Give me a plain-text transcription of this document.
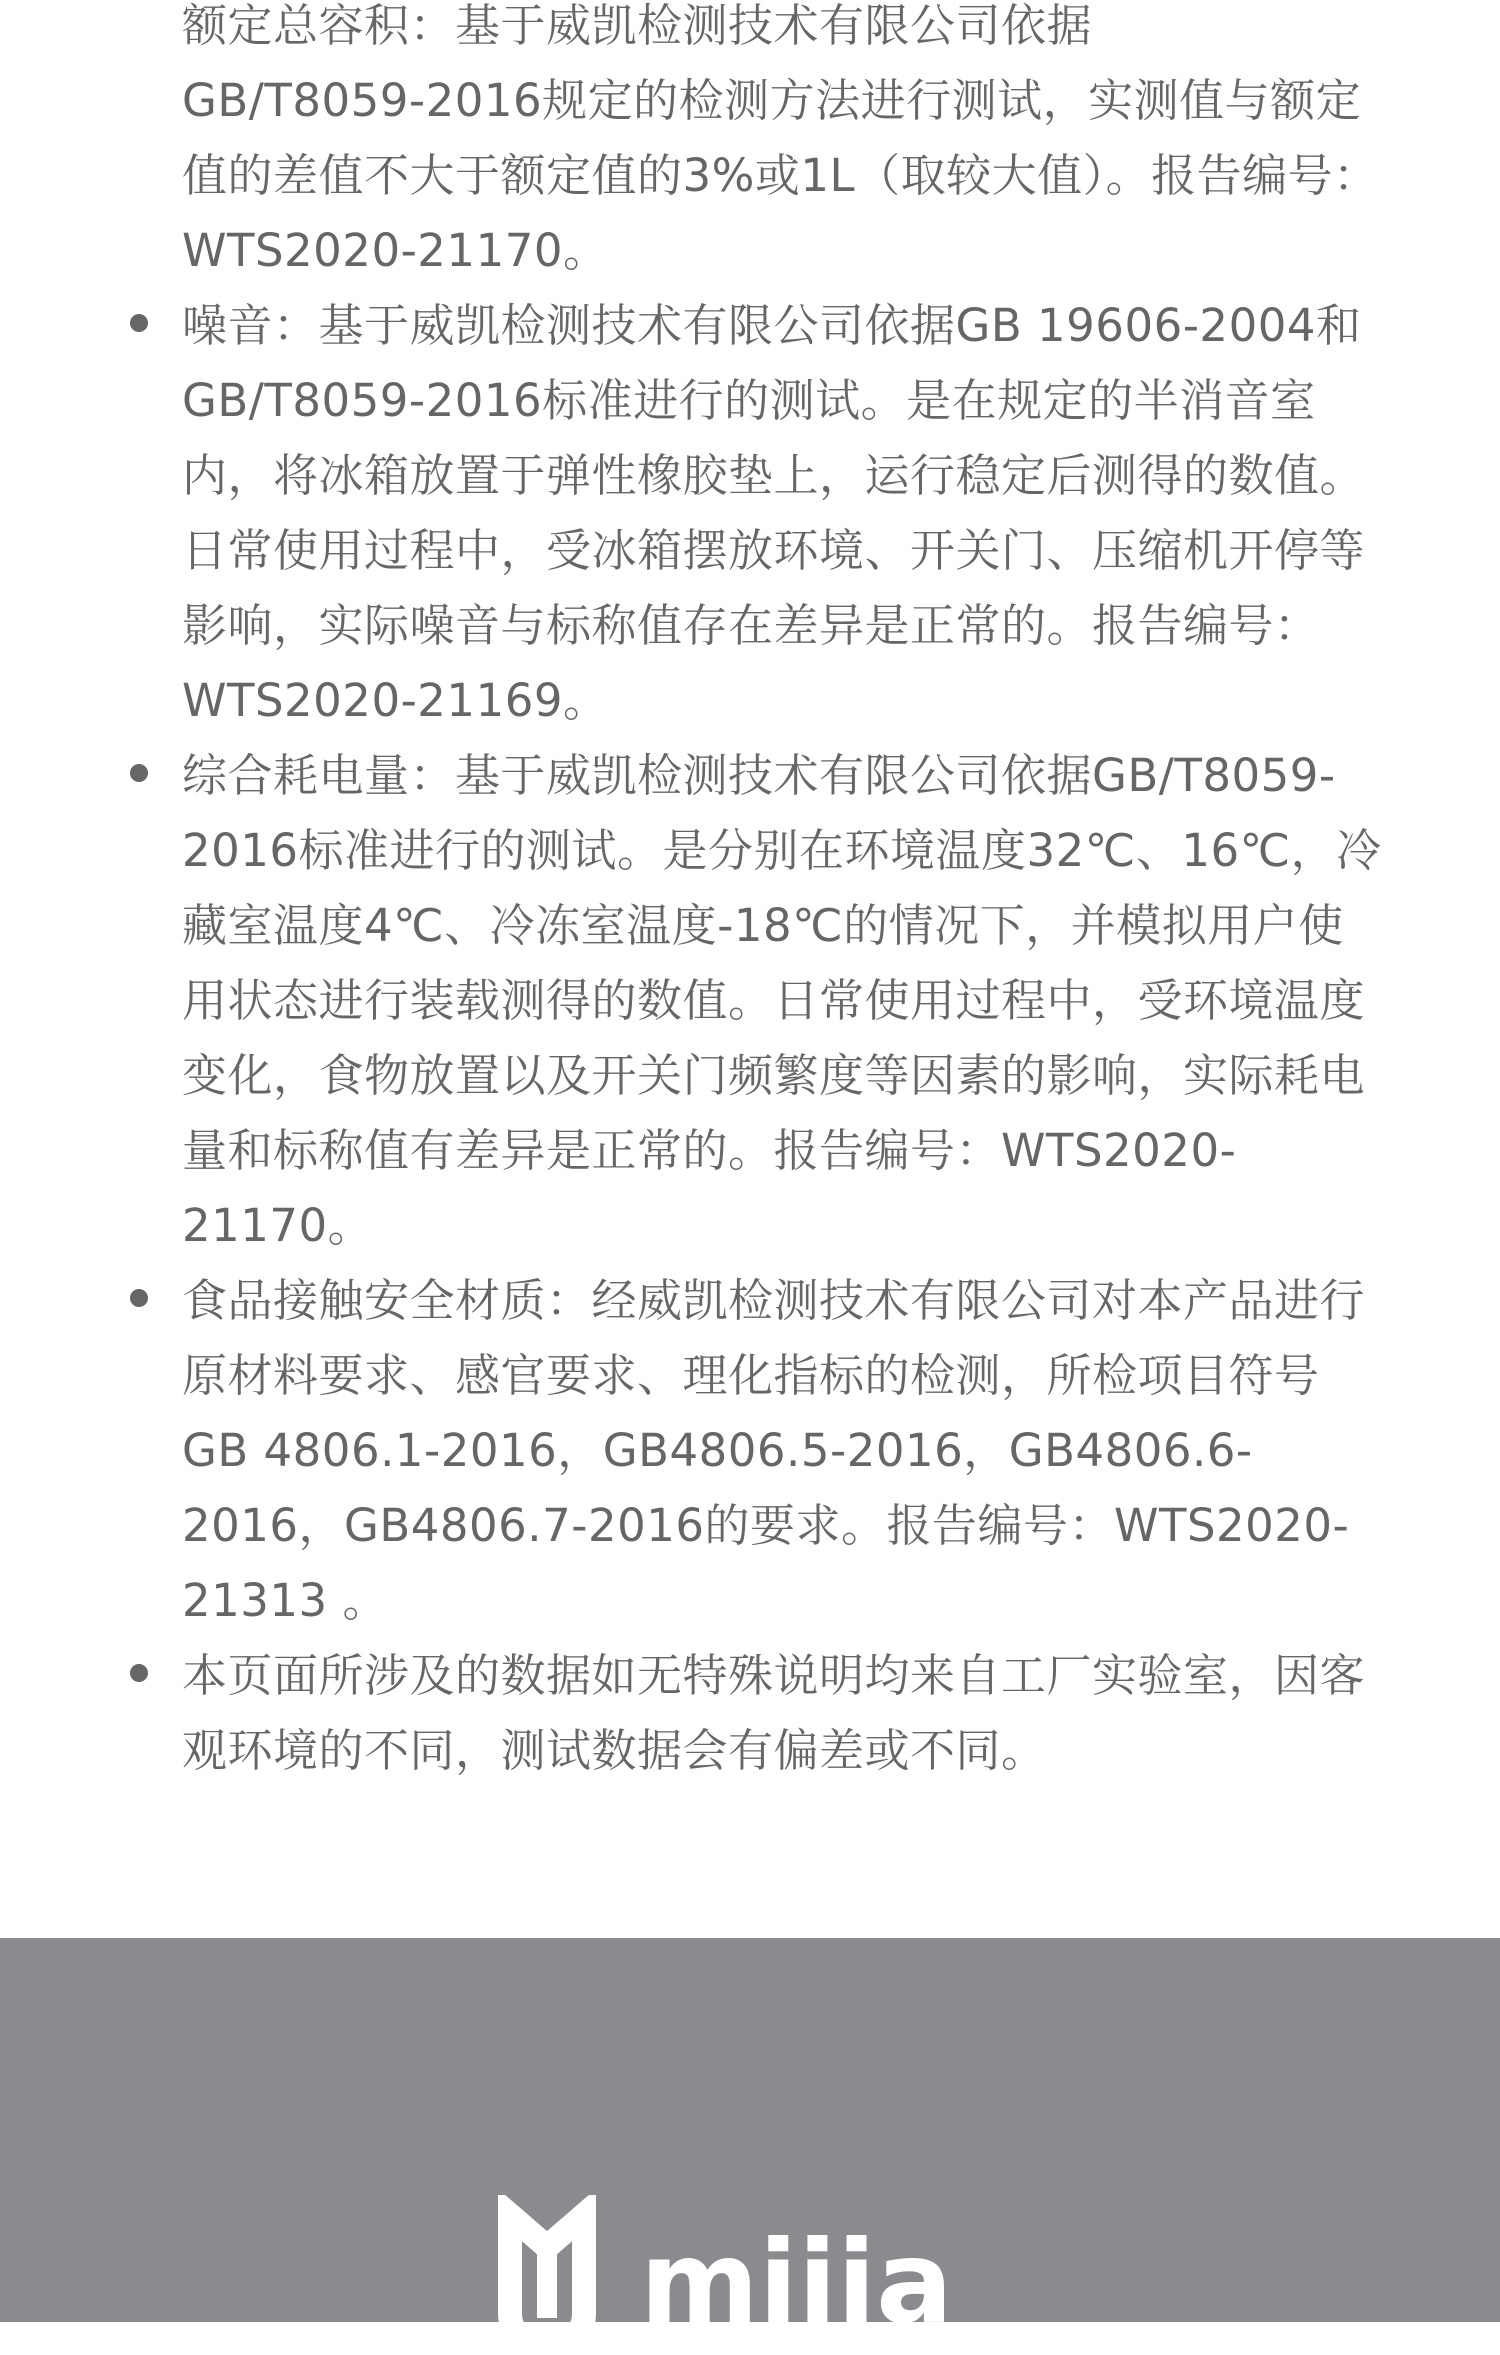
额定总容积：基于威凯检测技术有限公司依据

GB/T8059-2016规定的检测方法进行测试，实测值与额定值的差值不大于额定值的3%或1L（取较大值）。报告编号：WTS2020-21170。

噪音：基于威凯检测技术有限公司依据GB 19606-2004和GB/T8059-2016标准进行的测试。是在规定的半消音室内，将冰箱放置于弹性橡胶垫上，运行稳定后测得的数值。日常使用过程中，受冰箱摆放环境、开关门、压缩机开停等影响，实际噪音与标称值存在差异是正常的。报告编号：WTS2020-21169。

综合耗电量：基于威凯检测技术有限公司依据GB/T8059-2016标准进行的测试。是分别在环境温度32℃、16℃，冷藏室温度4℃、冷冻室温度-18℃的情况下，并模拟用户使用状态进行装载测得的数值。日常使用过程中，受环境温度变化，食物放置以及开关门频繁度等因素的影响，实际耗电量和标称值有差异是正常的。报告编号：WTS2020-21170。

食品接触安全材质：经威凯检测技术有限公司对本产品进行原材料要求、感官要求、理化指标的检测，所检项目符号GB 4806.1-2016，GB4806.5-2016，GB4806.6-2016，GB4806.7-2016的要求。报告编号：WTS2020-21313 。

本页面所涉及的数据如无特殊说明均来自工厂实验室，因客观环境的不同，测试数据会有偏差或不同。

mijia
